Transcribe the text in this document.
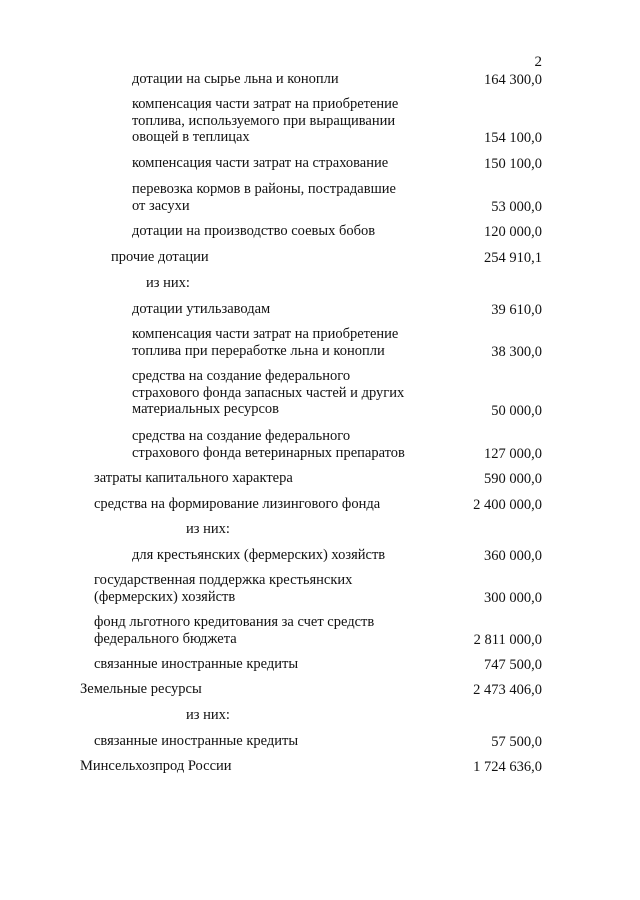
2
дотации на сырье льна и конопли	164 300,0
компенсация части затрат на приобретение
топлива, используемого при выращивании
овощей в теплицах	154 100,0
компенсация части затрат на страхование	150 100,0
перевозка кормов в районы, пострадавшие
от засухи	53 000,0
дотации на производство соевых бобов	120 000,0
прочие дотации	254 910,1
из них:
дотации утильзаводам	39 610,0
компенсация части затрат на приобретение
топлива при переработке льна и конопли	38 300,0
средства на создание федерального
страхового фонда запасных частей и других
материальных ресурсов	50 000,0
средства на создание федерального
страхового фонда ветеринарных препаратов	127 000,0
затраты капитального характера	590 000,0
средства на формирование лизингового фонда	2 400 000,0
из них:
для крестьянских (фермерских) хозяйств	360 000,0
государственная поддержка крестьянских
(фермерских) хозяйств	300 000,0
фонд льготного кредитования за счет средств
федерального бюджета	2 811 000,0
связанные иностранные кредиты	747 500,0
Земельные ресурсы	2 473 406,0
из них:
связанные иностранные кредиты	57 500,0
Минсельхозпрод России	1 724 636,0
